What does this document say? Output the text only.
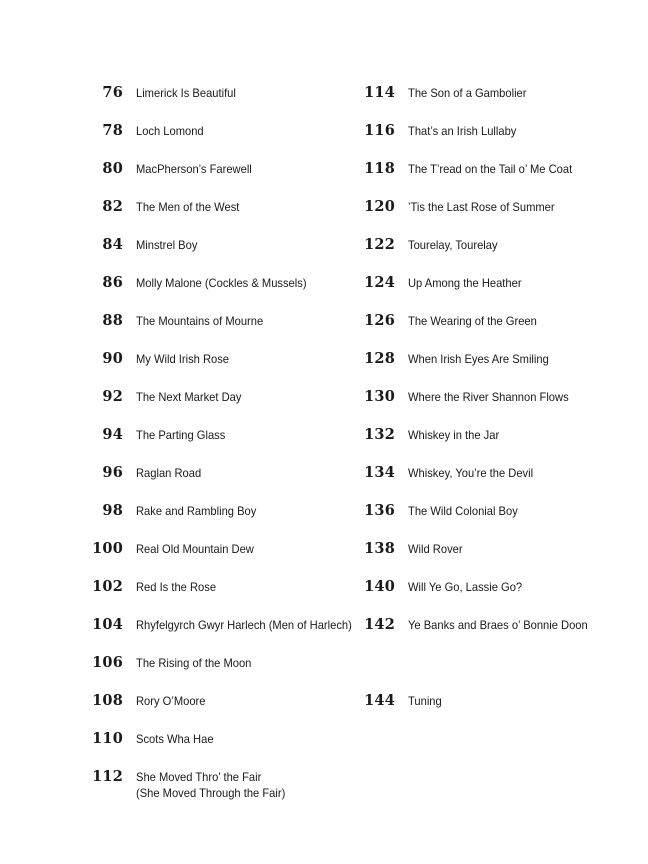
76 Limerick Is Beautiful
78 Loch Lomond
80 MacPherson’s Farewell
82 The Men of the West
84 Minstrel Boy
86 Molly Malone (Cockles & Mussels)
88 The Mountains of Mourne
90 My Wild Irish Rose
92 The Next Market Day
94 The Parting Glass
96 Raglan Road
98 Rake and Rambling Boy
100 Real Old Mountain Dew
102 Red Is the Rose
104 Rhyfelgyrch Gwyr Harlech (Men of Harlech)
106 The Rising of the Moon
108 Rory O’Moore
110 Scots Wha Hae
112 She Moved Thro’ the Fair
(She Moved Through the Fair)
114 The Son of a Gambolier
116 That’s an Irish Lullaby
118 The T’read on the Tail o’ Me Coat
120 ’Tis the Last Rose of Summer
122 Tourelay, Tourelay
124 Up Among the Heather
126 The Wearing of the Green
128 When Irish Eyes Are Smiling
130 Where the River Shannon Flows
132 Whiskey in the Jar
134 Whiskey, You’re the Devil
136 The Wild Colonial Boy
138 Wild Rover
140 Will Ye Go, Lassie Go?
142 Ye Banks and Braes o’ Bonnie Doon
144 Tuning
